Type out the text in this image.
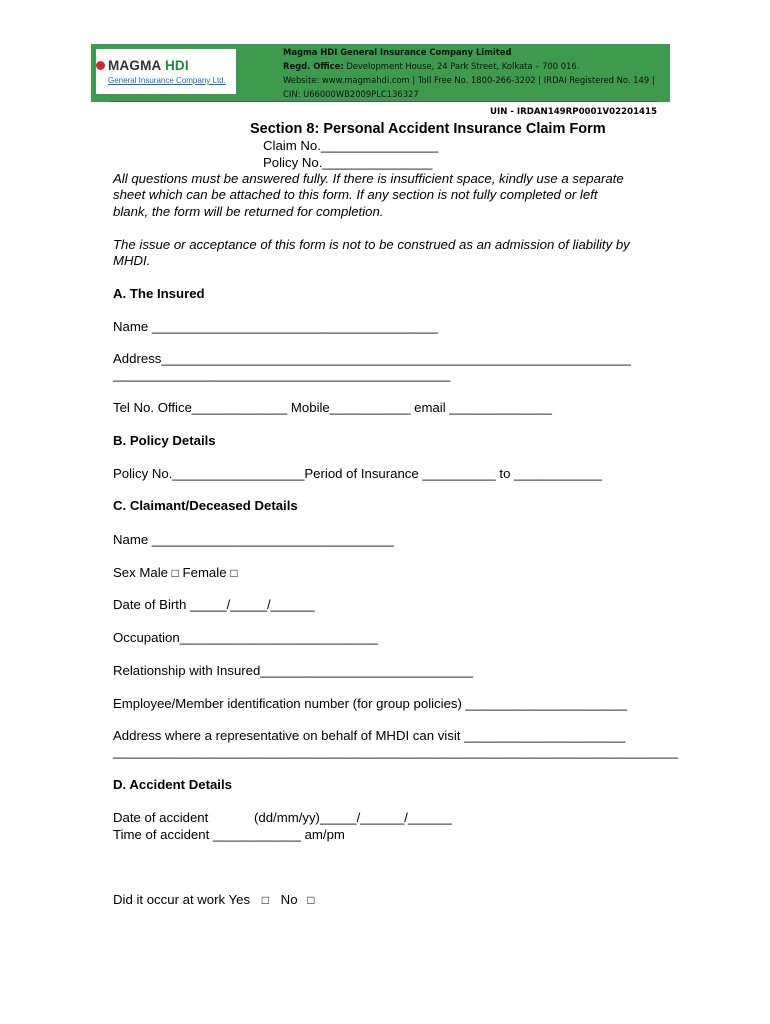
MAGMA HDI
General Insurance Company Ltd.
Magma HDI General Insurance Company Limited
Regd. Office: Development House, 24 Park Street, Kolkata – 700 016.
Website: www.magmahdi.com | Toll Free No. 1800-266-3202 | IRDAI Registered No. 149 |
CIN: U66000WB2009PLC136327
UIN - IRDAN149RP0001V02201415
Section 8: Personal Accident Insurance Claim Form
Claim No.________________
Policy No._______________
All questions must be answered fully. If there is insufficient space, kindly use a separate
sheet which can be attached to this form. If any section is not fully completed or left
blank, the form will be returned for completion.
The issue or acceptance of this form is not to be construed as an admission of liability by
MHDI.
A. The Insured
Name _______________________________________
Address________________________________________________________________
______________________________________________
Tel No. Office_____________ Mobile___________ email ______________
B. Policy Details
Policy No.__________________Period of Insurance __________ to ____________
C. Claimant/Deceased Details
Name _________________________________
Sex Male □ Female □
Date of Birth _____/_____/______
Occupation___________________________
Relationship with Insured_____________________________
Employee/Member identification number (for group policies) ______________________
Address where a representative on behalf of MHDI can visit ______________________
_____________________________________________________________________________
D. Accident Details
Date of accident	(dd/mm/yy)_____/______/______
Time of accident ____________ am/pm
Did it occur at work Yes □ No □
